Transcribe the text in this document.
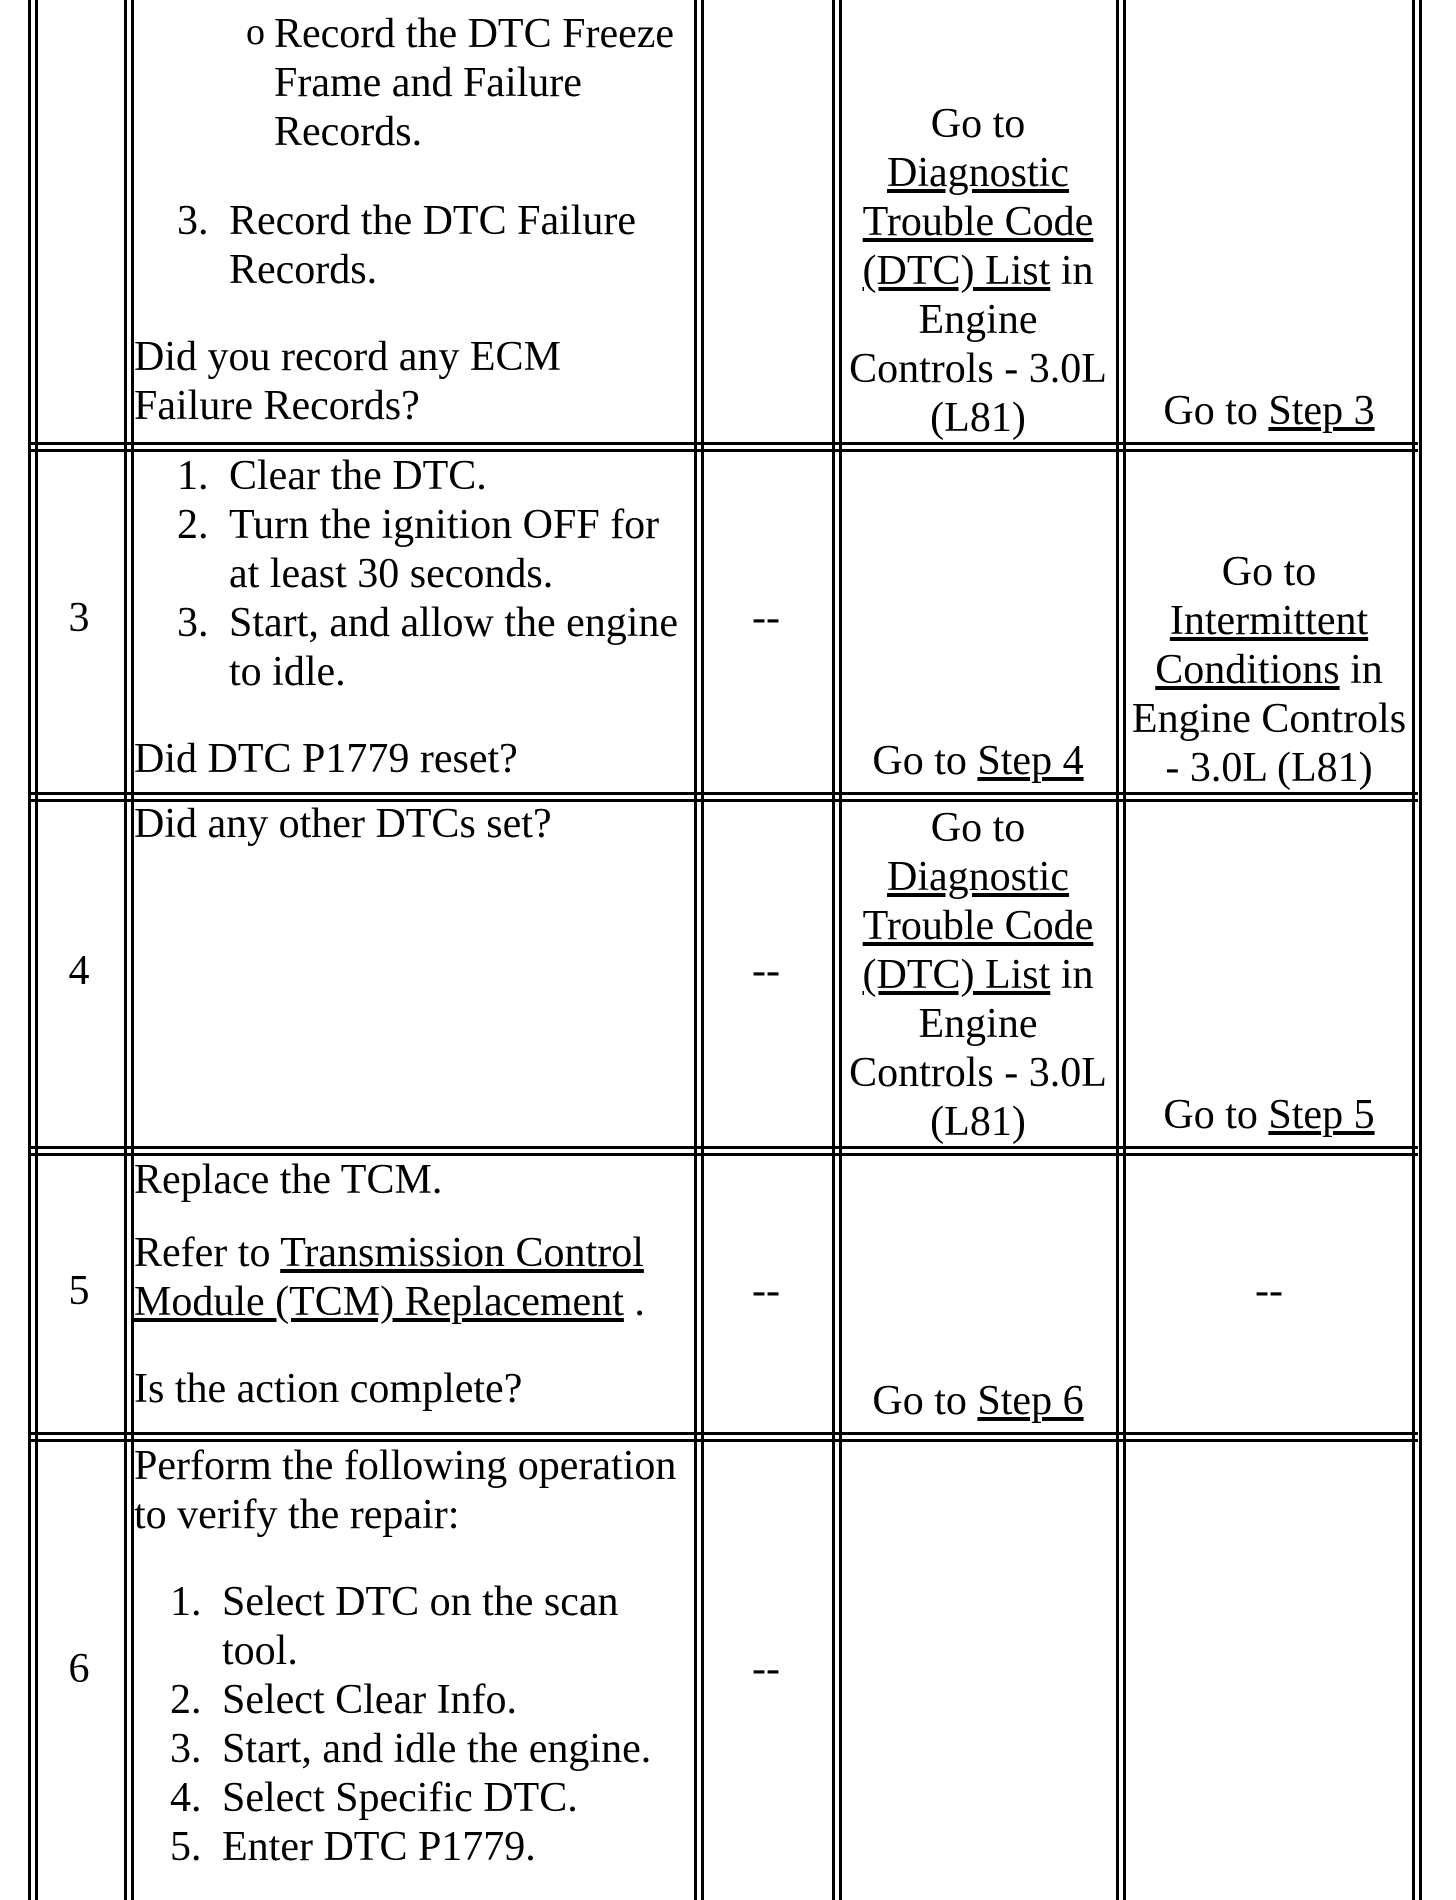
o Record the DTC Freeze Frame and Failure Records.
3. Record the DTC Failure Records.
Did you record any ECM Failure Records?
Go to Diagnostic Trouble Code (DTC) List in Engine Controls - 3.0L (L81)	Go to Step 3
3
1. Clear the DTC.
2. Turn the ignition OFF for at least 30 seconds.
3. Start, and allow the engine to idle.
Did DTC P1779 reset?
--
Go to Step 4
Go to Intermittent Conditions in Engine Controls - 3.0L (L81)
4
Did any other DTCs set?
--
Go to Diagnostic Trouble Code (DTC) List in Engine Controls - 3.0L (L81)	Go to Step 5
5
Replace the TCM.
Refer to Transmission Control Module (TCM) Replacement .
Is the action complete?
--
Go to Step 6
--
6
Perform the following operation to verify the repair:
1. Select DTC on the scan tool.
2. Select Clear Info.
3. Start, and idle the engine.
4. Select Specific DTC.
5. Enter DTC P1779.
--
